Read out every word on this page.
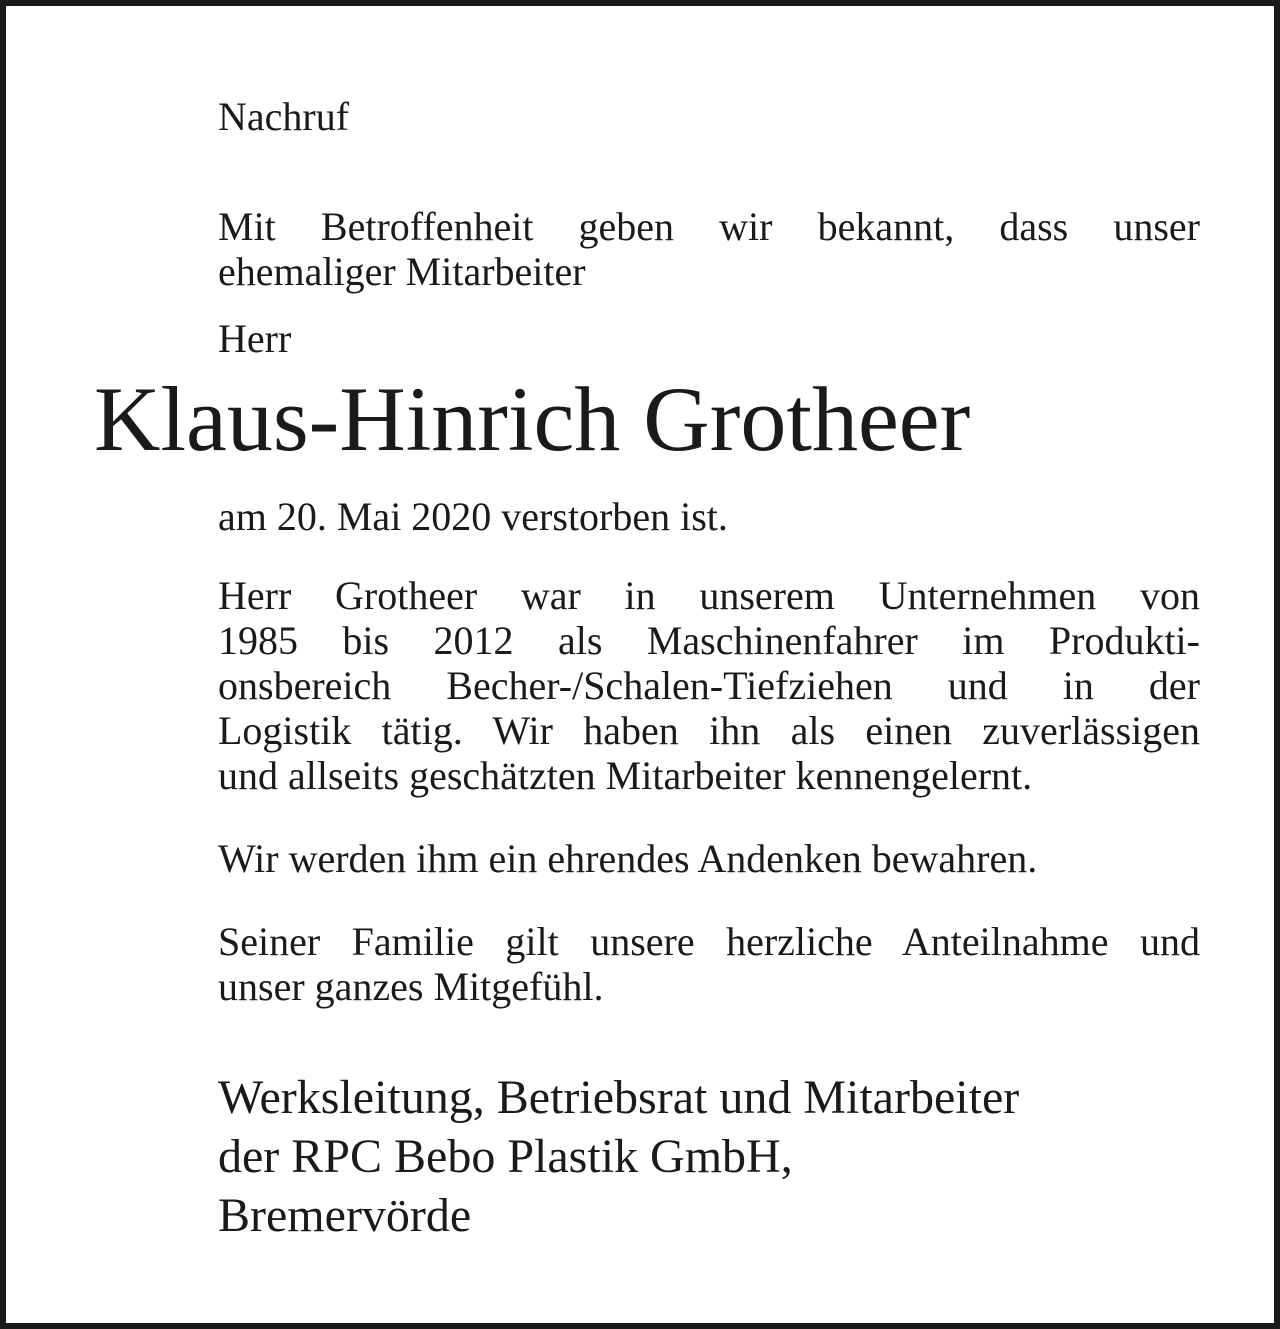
Nachruf

Mit Betroffenheit geben wir bekannt, dass unser
ehemaliger Mitarbeiter

Herr

Klaus-Hinrich Grotheer

am 20. Mai 2020 verstorben ist.

Herr Grotheer war in unserem Unternehmen von
1985 bis 2012 als Maschinenfahrer im Produkti-
onsbereich Becher-/Schalen-Tiefziehen und in der
Logistik tätig. Wir haben ihn als einen zuverlässigen
und allseits geschätzten Mitarbeiter kennengelernt.

Wir werden ihm ein ehrendes Andenken bewahren.

Seiner Familie gilt unsere herzliche Anteilnahme und
unser ganzes Mitgefühl.

Werksleitung, Betriebsrat und Mitarbeiter
der RPC Bebo Plastik GmbH,
Bremervörde
